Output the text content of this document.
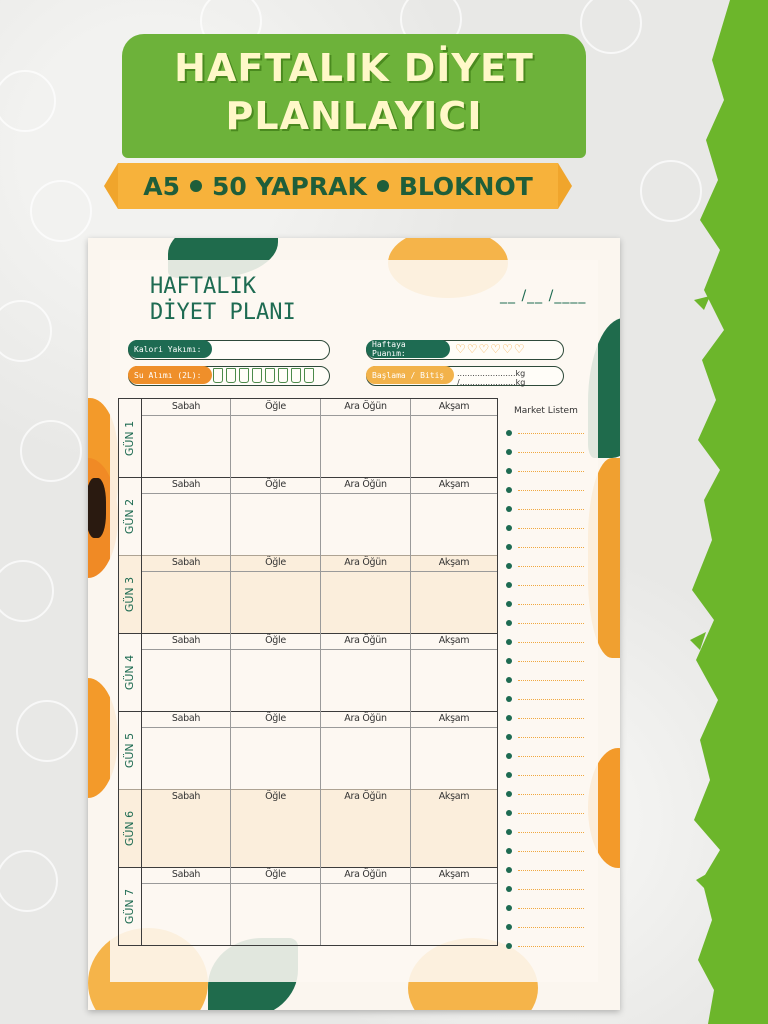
HAFTALIK DİYET
PLANLAYICI
A5 50 YAPRAK BLOKNOT
HAFTALIK
DİYET PLANI
__ /__ /____
Kalori Yakımı:	Haftaya Puanım:	♡♡♡♡♡♡
Su Alımı (2L):	Başlama / Bitiş	.......................kg /......................kg
GÜN 1
Sabah	Öğle	Ara Öğün	Akşam
GÜN 2
Sabah	Öğle	Ara Öğün	Akşam
GÜN 3
Sabah	Öğle	Ara Öğün	Akşam
GÜN 4
Sabah	Öğle	Ara Öğün	Akşam
GÜN 5
Sabah	Öğle	Ara Öğün	Akşam
GÜN 6
Sabah	Öğle	Ara Öğün	Akşam
GÜN 7
Sabah	Öğle	Ara Öğün	Akşam
Market Listem
